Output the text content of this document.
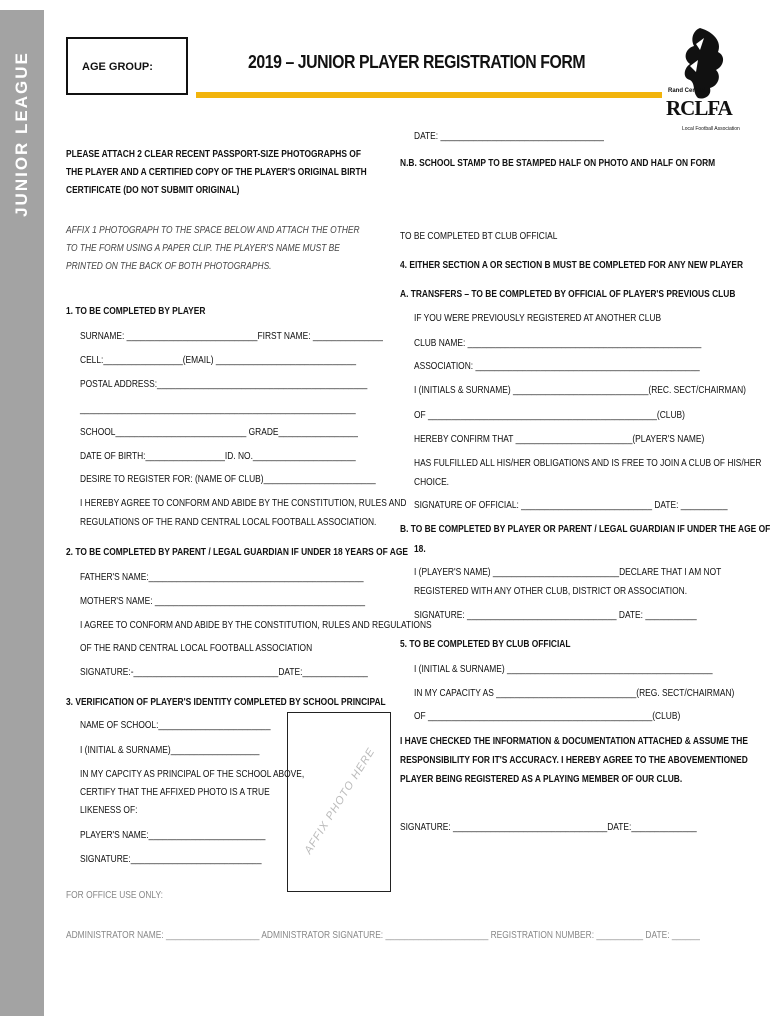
JUNIOR LEAGUE	AGE GROUP:	2019 – JUNIOR PLAYER REGISTRATION FORM
Rand Central
RCLFA
Local Football Association
PLEASE ATTACH 2 CLEAR RECENT PASSPORT-SIZE PHOTOGRAPHS OF THE PLAYER AND A CERTIFIED COPY OF THE PLAYER'S ORIGINAL BIRTH CERTIFICATE (DO NOT SUBMIT ORIGINAL)
AFFIX 1 PHOTOGRAPH TO THE SPACE BELOW AND ATTACH THE OTHER TO THE FORM USING A PAPER CLIP. THE PLAYER'S NAME MUST BE PRINTED ON THE BACK OF BOTH PHOTOGRAPHS.
1. TO BE COMPLETED BY PLAYER
SURNAME: ____________________________FIRST NAME: _______________
CELL:_________________(EMAIL) ______________________________
POSTAL ADDRESS:_____________________________________________
___________________________________________________________
SCHOOL____________________________ GRADE_________________
DATE OF BIRTH:_________________ID. NO.______________________
DESIRE TO REGISTER FOR: (NAME OF CLUB)________________________
I HEREBY AGREE TO CONFORM AND ABIDE BY THE CONSTITUTION, RULES AND
REGULATIONS OF THE RAND CENTRAL LOCAL FOOTBALL ASSOCIATION.
2. TO BE COMPLETED BY PARENT / LEGAL GUARDIAN IF UNDER 18 YEARS OF AGE
FATHER'S NAME:______________________________________________
MOTHER'S NAME: _____________________________________________
I AGREE TO CONFORM AND ABIDE BY THE CONSTITUTION, RULES AND REGULATIONS
OF THE RAND CENTRAL LOCAL FOOTBALL ASSOCIATION
SIGNATURE:-_______________________________DATE:______________
3. VERIFICATION OF PLAYER'S IDENTITY COMPLETED BY SCHOOL PRINCIPAL
NAME OF SCHOOL:________________________
I (INITIAL & SURNAME)___________________
IN MY CAPCITY AS PRINCIPAL OF THE SCHOOL ABOVE,
CERTIFY THAT THE AFFIXED PHOTO IS A TRUE
LIKENESS OF:
PLAYER'S NAME:_________________________
SIGNATURE:____________________________
AFFIX PHOTO HERE
DATE: ___________________________________
N.B. SCHOOL STAMP TO BE STAMPED HALF ON PHOTO AND HALF ON FORM
TO BE COMPLETED BT CLUB OFFICIAL
4. EITHER SECTION A OR SECTION B MUST BE COMPLETED FOR ANY NEW PLAYER
A. TRANSFERS – TO BE COMPLETED BY OFFICIAL OF PLAYER'S PREVIOUS CLUB
IF YOU WERE PREVIOUSLY REGISTERED AT ANOTHER CLUB
CLUB NAME: __________________________________________________
ASSOCIATION: ________________________________________________
I (INITIALS & SURNAME) _____________________________(REC. SECT/CHAIRMAN)
OF _________________________________________________(CLUB)
HEREBY CONFIRM THAT _________________________(PLAYER'S NAME)
HAS FULFILLED ALL HIS/HER OBLIGATIONS AND IS FREE TO JOIN A CLUB OF HIS/HER
CHOICE.
SIGNATURE OF OFFICIAL: ____________________________ DATE: __________
B. TO BE COMPLETED BY PLAYER OR PARENT / LEGAL GUARDIAN IF UNDER THE AGE OF
18.
I (PLAYER'S NAME) ___________________________DECLARE THAT I AM NOT
REGISTERED WITH ANY OTHER CLUB, DISTRICT OR ASSOCIATION.
SIGNATURE: ________________________________ DATE: ___________
5. TO BE COMPLETED BY CLUB OFFICIAL
I (INITIAL & SURNAME) ____________________________________________
IN MY CAPACITY AS ______________________________(REG. SECT/CHAIRMAN)
OF ________________________________________________(CLUB)
I HAVE CHECKED THE INFORMATION & DOCUMENTATION ATTACHED & ASSUME THE
RESPONSIBILITY FOR IT'S ACCURACY. I HEREBY AGREE TO THE ABOVEMENTIONED
PLAYER BEING REGISTERED AS A PLAYING MEMBER OF OUR CLUB.
SIGNATURE: _________________________________DATE:______________
FOR OFFICE USE ONLY:
ADMINISTRATOR NAME: ____________________ ADMINISTRATOR SIGNATURE: ______________________ REGISTRATION NUMBER: __________ DATE: ______
